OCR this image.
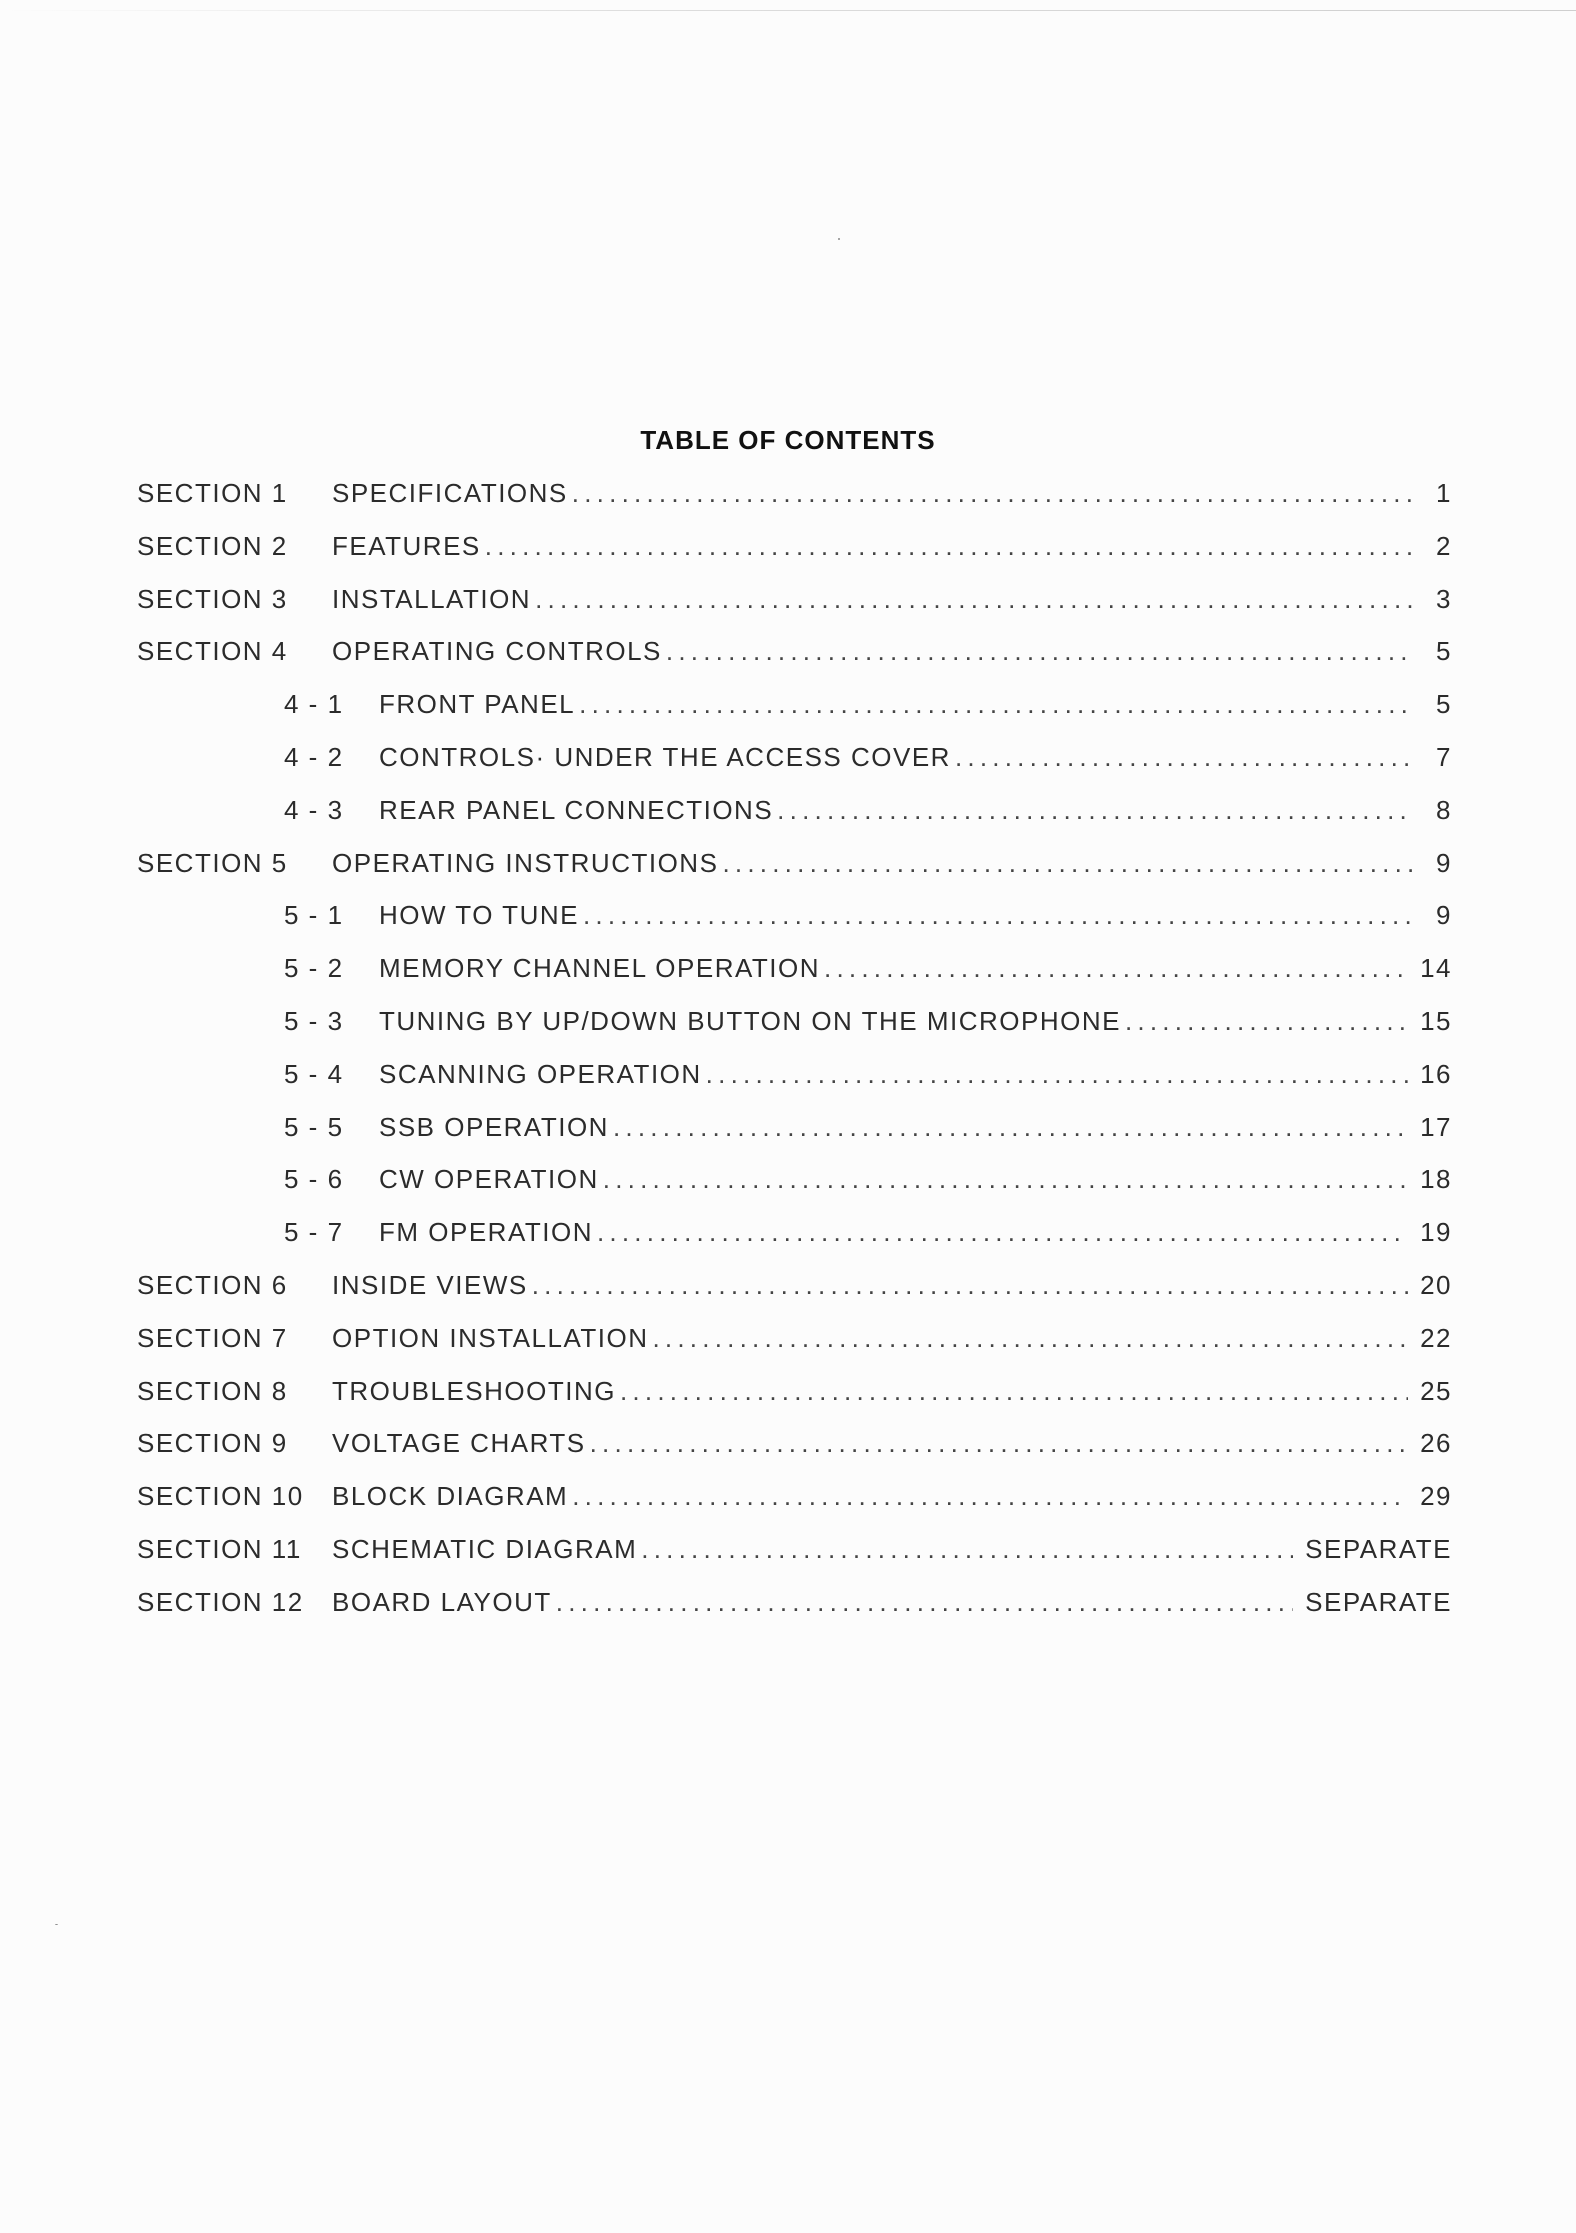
TABLE OF CONTENTS
SECTION 1	SPECIFICATIONS . . .	1
SECTION 2	FEATURES . . .	2
SECTION 3	INSTALLATION . . .	3
SECTION 4	OPERATING CONTROLS . . .	5
4 - 1	FRONT PANEL . . .	5
4 - 2	CONTROLS· UNDER THE ACCESS COVER . . .	7
4 - 3	REAR PANEL CONNECTIONS . . .	8
SECTION 5	OPERATING INSTRUCTIONS . . .	9
5 - 1	HOW TO TUNE . . .	9
5 - 2	MEMORY CHANNEL OPERATION . . .	14
5 - 3	TUNING BY UP/DOWN BUTTON ON THE MICROPHONE . . .	15
5 - 4	SCANNING OPERATION . . .	16
5 - 5	SSB OPERATION . . .	17
5 - 6	CW OPERATION . . .	18
5 - 7	FM OPERATION . . .	19
SECTION 6	INSIDE VIEWS . . .	20
SECTION 7	OPTION INSTALLATION . . .	22
SECTION 8	TROUBLESHOOTING . . .	25
SECTION 9	VOLTAGE CHARTS . . .	26
SECTION 10	BLOCK DIAGRAM . . .	29
SECTION 11	SCHEMATIC DIAGRAM . . .	SEPARATE
SECTION 12	BOARD LAYOUT . . .	SEPARATE
